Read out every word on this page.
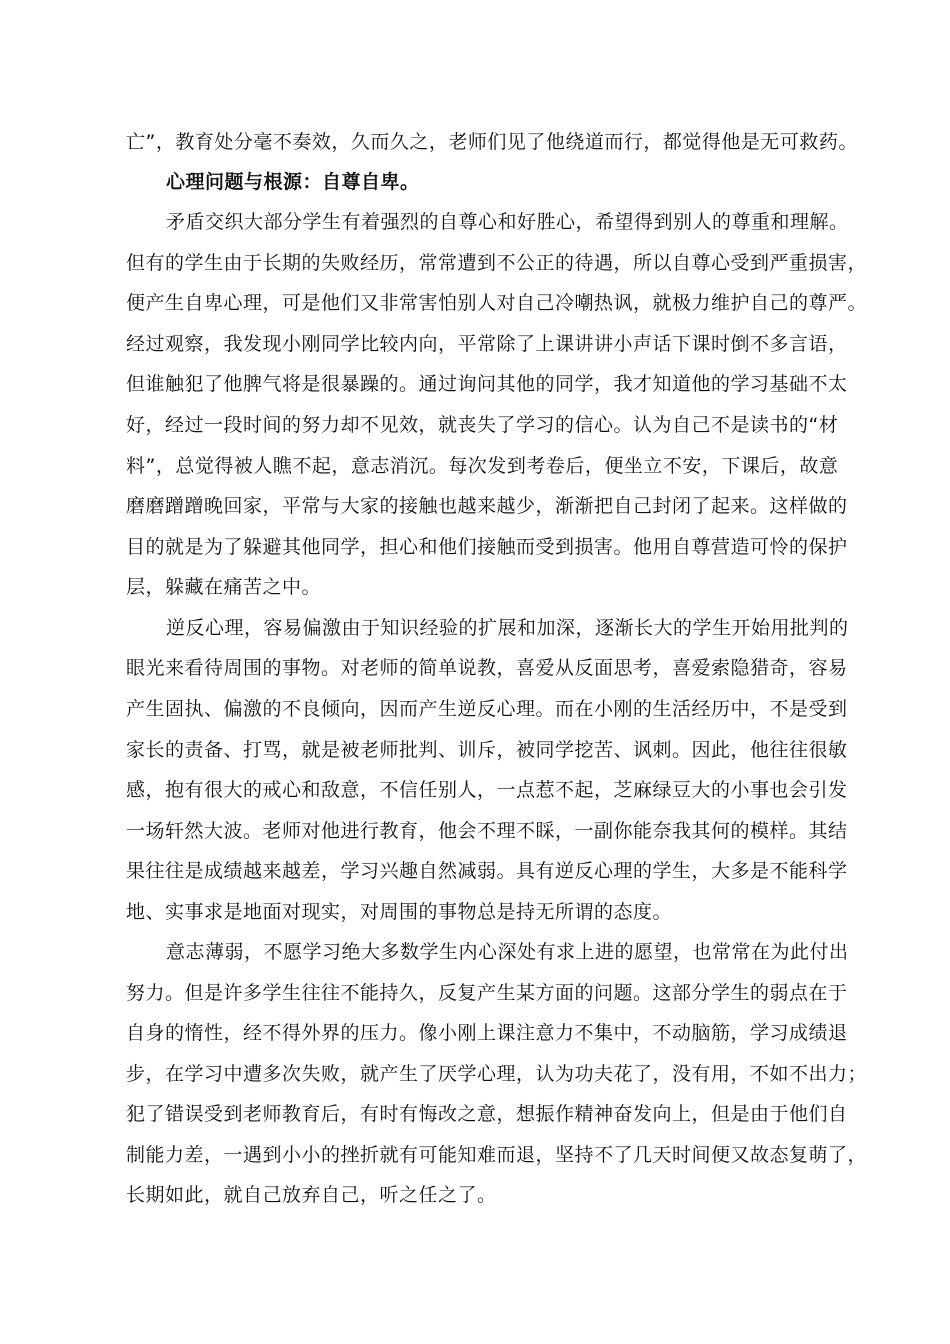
亡”，教育处分毫不奏效，久而久之，老师们见了他绕道而行，都觉得他是无可救药。
心理问题与根源：自尊自卑。
矛盾交织大部分学生有着强烈的自尊心和好胜心，希望得到别人的尊重和理解。
但有的学生由于长期的失败经历，常常遭到不公正的待遇，所以自尊心受到严重损害，
便产生自卑心理，可是他们又非常害怕别人对自己冷嘲热讽，就极力维护自己的尊严。
经过观察，我发现小刚同学比较内向，平常除了上课讲讲小声话下课时倒不多言语，
但谁触犯了他脾气将是很暴躁的。通过询问其他的同学，我才知道他的学习基础不太
好，经过一段时间的努力却不见效，就丧失了学习的信心。认为自己不是读书的“材
料”，总觉得被人瞧不起，意志消沉。每次发到考卷后，便坐立不安，下课后，故意
磨磨蹭蹭晚回家，平常与大家的接触也越来越少，渐渐把自己封闭了起来。这样做的
目的就是为了躲避其他同学，担心和他们接触而受到损害。他用自尊营造可怜的保护
层，躲藏在痛苦之中。
逆反心理，容易偏激由于知识经验的扩展和加深，逐渐长大的学生开始用批判的
眼光来看待周围的事物。对老师的简单说教，喜爱从反面思考，喜爱索隐猎奇，容易
产生固执、偏激的不良倾向，因而产生逆反心理。而在小刚的生活经历中，不是受到
家长的责备、打骂，就是被老师批判、训斥，被同学挖苦、讽刺。因此，他往往很敏
感，抱有很大的戒心和敌意，不信任别人，一点惹不起，芝麻绿豆大的小事也会引发
一场轩然大波。老师对他进行教育，他会不理不睬，一副你能奈我其何的模样。其结
果往往是成绩越来越差，学习兴趣自然减弱。具有逆反心理的学生，大多是不能科学
地、实事求是地面对现实，对周围的事物总是持无所谓的态度。
意志薄弱，不愿学习绝大多数学生内心深处有求上进的愿望，也常常在为此付出
努力。但是许多学生往往不能持久，反复产生某方面的问题。这部分学生的弱点在于
自身的惰性，经不得外界的压力。像小刚上课注意力不集中，不动脑筋，学习成绩退
步，在学习中遭多次失败，就产生了厌学心理，认为功夫花了，没有用，不如不出力；
犯了错误受到老师教育后，有时有悔改之意，想振作精神奋发向上，但是由于他们自
制能力差，一遇到小小的挫折就有可能知难而退，坚持不了几天时间便又故态复萌了，
长期如此，就自己放弃自己，听之任之了。
